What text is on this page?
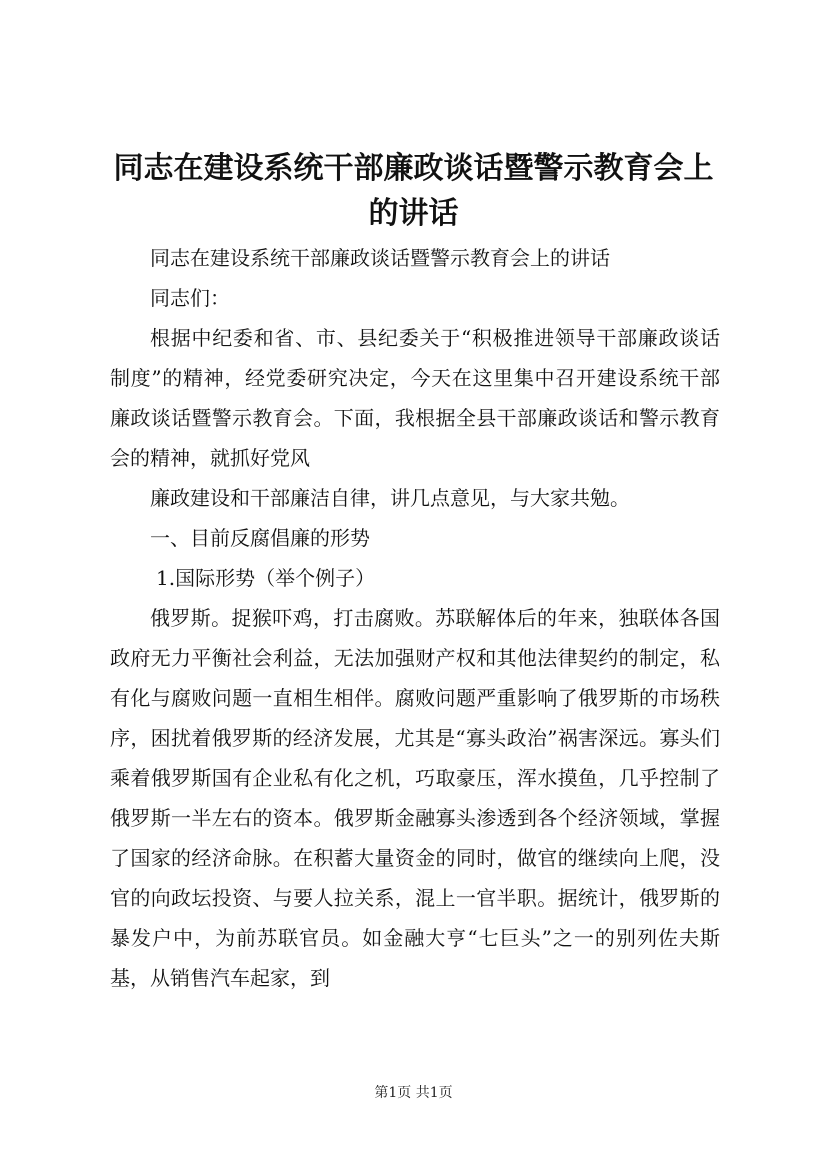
同志在建设系统干部廉政谈话暨警示教育会上的讲话

同志在建设系统干部廉政谈话暨警示教育会上的讲话

同志们：

根据中纪委和省、市、县纪委关于“积极推进领导干部廉政谈话制度”的精神，经党委研究决定，今天在这里集中召开建设系统干部廉政谈话暨警示教育会。下面，我根据全县干部廉政谈话和警示教育会的精神，就抓好党风

廉政建设和干部廉洁自律，讲几点意见，与大家共勉。

一、目前反腐倡廉的形势

1.国际形势（举个例子）

俄罗斯。捉猴吓鸡，打击腐败。苏联解体后的年来，独联体各国政府无力平衡社会利益，无法加强财产权和其他法律契约的制定，私有化与腐败问题一直相生相伴。腐败问题严重影响了俄罗斯的市场秩序，困扰着俄罗斯的经济发展，尤其是“寡头政治”祸害深远。寡头们乘着俄罗斯国有企业私有化之机，巧取豪压，浑水摸鱼，几乎控制了俄罗斯一半左右的资本。俄罗斯金融寡头渗透到各个经济领域，掌握了国家的经济命脉。在积蓄大量资金的同时，做官的继续向上爬，没官的向政坛投资、与要人拉关系，混上一官半职。据统计，俄罗斯的暴发户中，为前苏联官员。如金融大亨“七巨头”之一的别列佐夫斯基，从销售汽车起家，到

第1页 共1页
